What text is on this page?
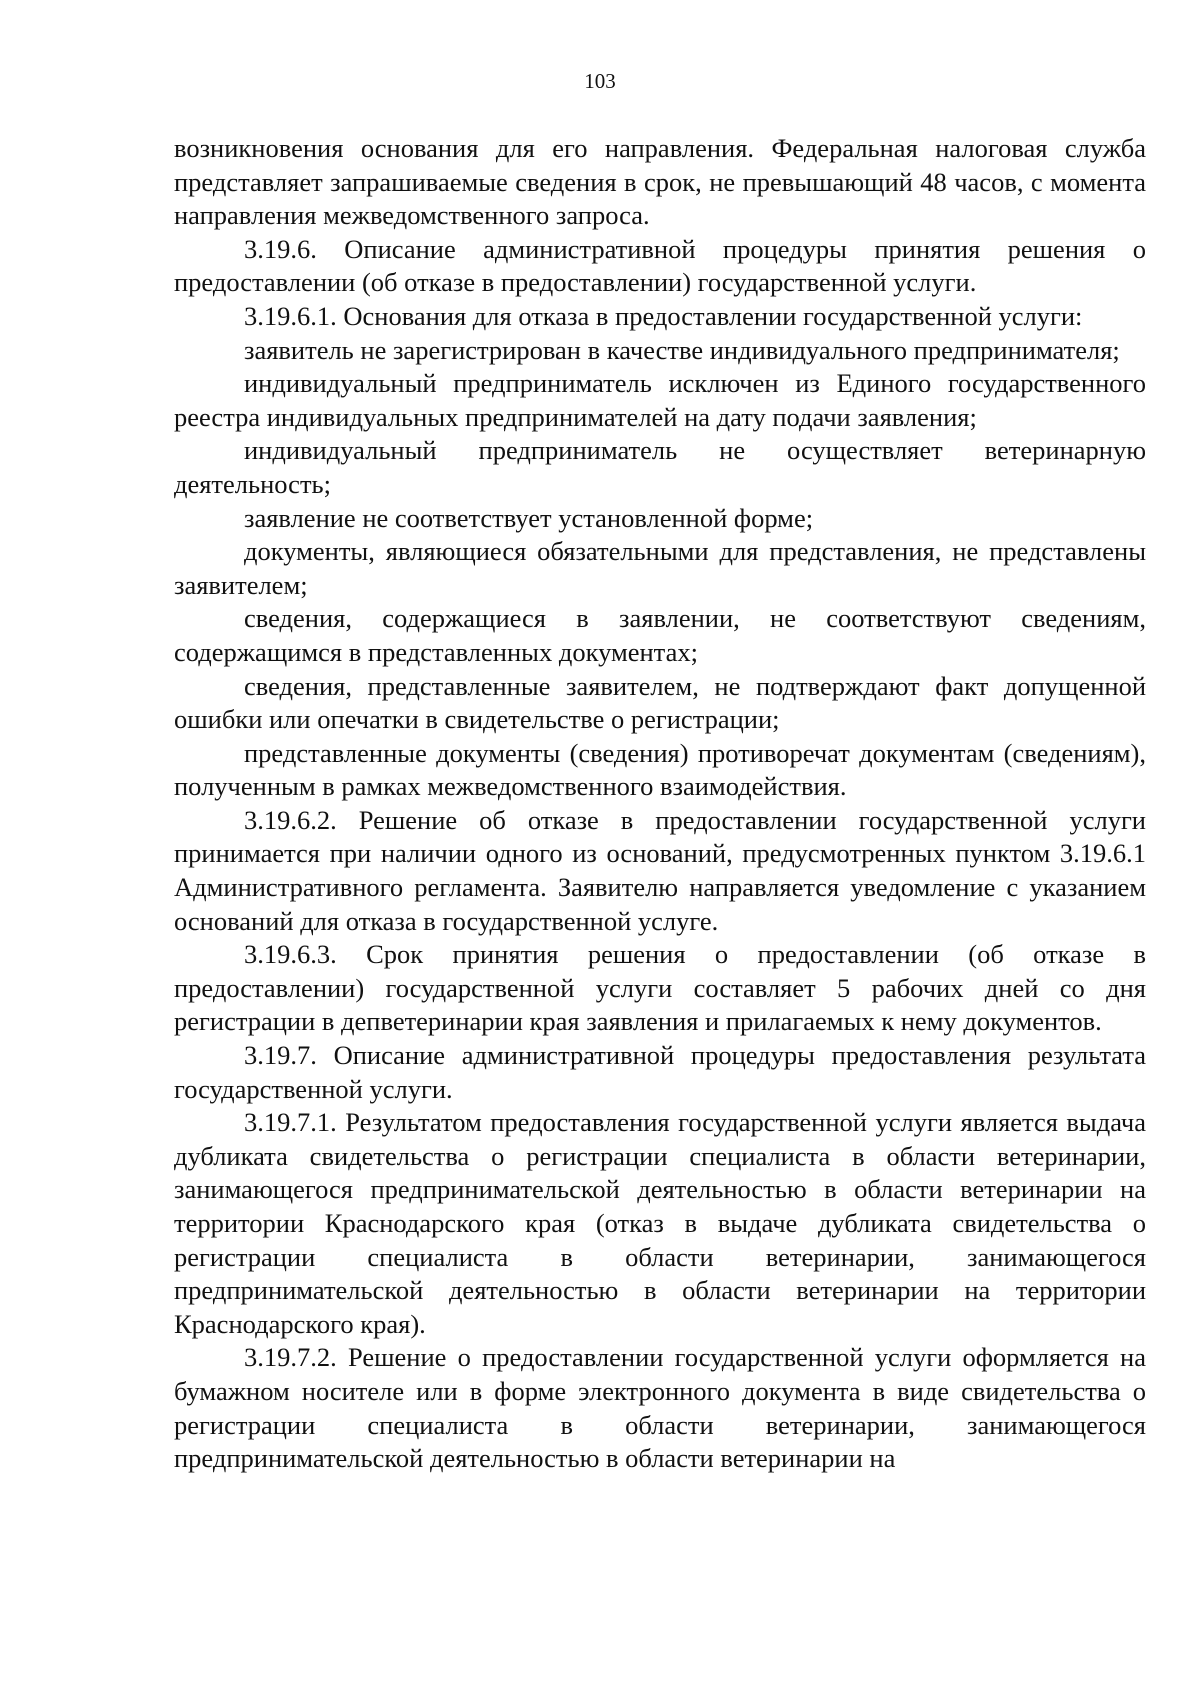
103

возникновения основания для его направления. Федеральная налоговая служба представляет запрашиваемые сведения в срок, не превышающий 48 часов, с момента направления межведомственного запроса.

3.19.6. Описание административной процедуры принятия решения о предоставлении (об отказе в предоставлении) государственной услуги.

3.19.6.1. Основания для отказа в предоставлении государственной услуги:

заявитель не зарегистрирован в качестве индивидуального предпринимателя;

индивидуальный предприниматель исключен из Единого государственного реестра индивидуальных предпринимателей на дату подачи заявления;

индивидуальный предприниматель не осуществляет ветеринарную деятельность;

заявление не соответствует установленной форме;

документы, являющиеся обязательными для представления, не представлены заявителем;

сведения, содержащиеся в заявлении, не соответствуют сведениям, содержащимся в представленных документах;

сведения, представленные заявителем, не подтверждают факт допущенной ошибки или опечатки в свидетельстве о регистрации;

представленные документы (сведения) противоречат документам (сведениям), полученным в рамках межведомственного взаимодействия.

3.19.6.2. Решение об отказе в предоставлении государственной услуги принимается при наличии одного из оснований, предусмотренных пунктом 3.19.6.1 Административного регламента. Заявителю направляется уведомление с указанием оснований для отказа в государственной услуге.

3.19.6.3. Срок принятия решения о предоставлении (об отказе в предоставлении) государственной услуги составляет 5 рабочих дней со дня регистрации в депветеринарии края заявления и прилагаемых к нему документов.

3.19.7. Описание административной процедуры предоставления результата государственной услуги.

3.19.7.1. Результатом предоставления государственной услуги является выдача дубликата свидетельства о регистрации специалиста в области ветеринарии, занимающегося предпринимательской деятельностью в области ветеринарии на территории Краснодарского края (отказ в выдаче дубликата свидетельства о регистрации специалиста в области ветеринарии, занимающегося предпринимательской деятельностью в области ветеринарии на территории Краснодарского края).

3.19.7.2. Решение о предоставлении государственной услуги оформляется на бумажном носителе или в форме электронного документа в виде свидетельства о регистрации специалиста в области ветеринарии, занимающегося предпринимательской деятельностью в области ветеринарии на
